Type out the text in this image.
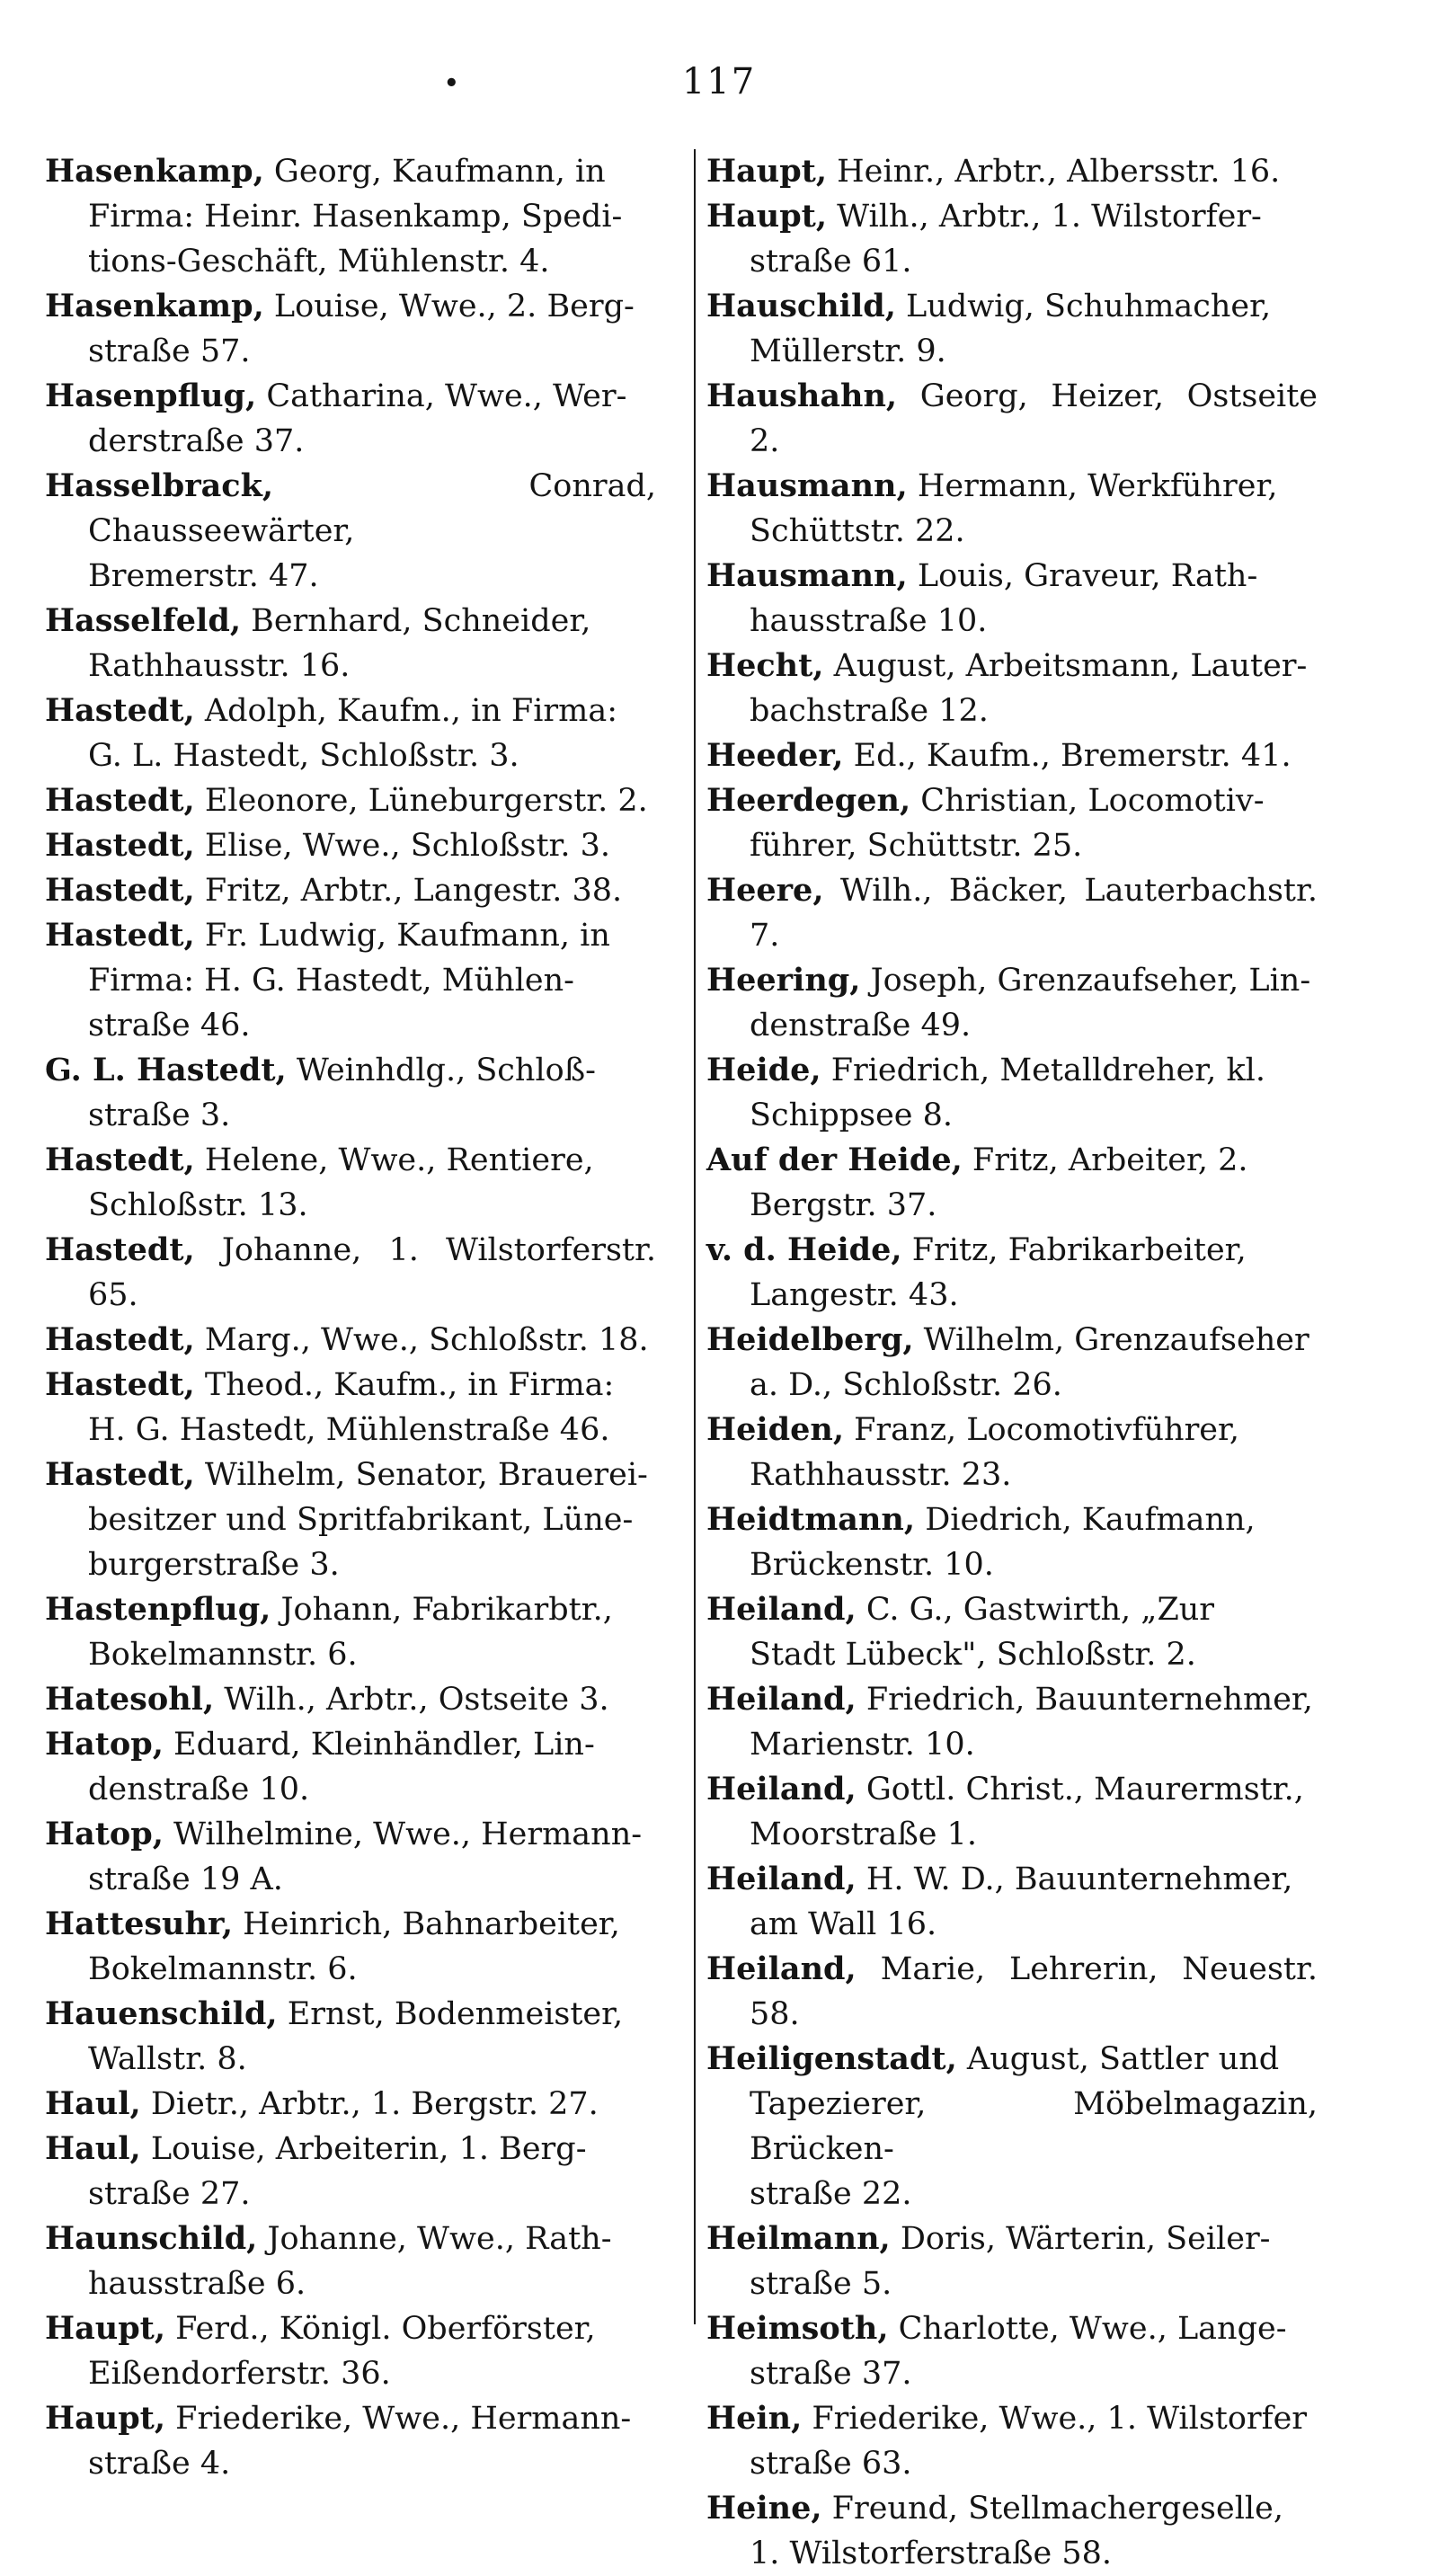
•	117
Hasenkamp, Georg, Kaufmann, in
Firma: Heinr. Hasenkamp, Spedi-
tions-Geschäft, Mühlenstr. 4.
Hasenkamp, Louise, Wwe., 2. Berg-
straße 57.
Hasenpflug, Catharina, Wwe., Wer-
derstraße 37.
Hasselbrack,	Conrad, Chausseewärter,
Bremerstr. 47.
Hasselfeld, Bernhard, Schneider,
Rathhausstr. 16.
Hastedt, Adolph, Kaufm., in Firma:
G. L. Hastedt, Schloßstr. 3.
Hastedt, Eleonore, Lüneburgerstr. 2.
Hastedt, Elise, Wwe., Schloßstr. 3.
Hastedt, Fritz, Arbtr., Langestr. 38.
Hastedt, Fr. Ludwig, Kaufmann, in
Firma: H. G. Hastedt, Mühlen-
straße 46.
G. L. Hastedt, Weinhdlg., Schloß-
straße 3.
Hastedt, Helene, Wwe., Rentiere,
Schloßstr. 13.
Hastedt, Johanne, 1. Wilstorferstr. 65.
Hastedt, Marg., Wwe., Schloßstr. 18.
Hastedt, Theod., Kaufm., in Firma:
H. G. Hastedt, Mühlenstraße 46.
Hastedt, Wilhelm, Senator, Brauerei-
besitzer und Spritfabrikant, Lüne-
burgerstraße 3.
Hastenpflug, Johann, Fabrikarbtr.,
Bokelmannstr. 6.
Hatesohl, Wilh., Arbtr., Ostseite 3.
Hatop, Eduard, Kleinhändler, Lin-
denstraße 10.
Hatop, Wilhelmine, Wwe., Hermann-
straße 19 A.
Hattesuhr, Heinrich, Bahnarbeiter,
Bokelmannstr. 6.
Hauenschild, Ernst, Bodenmeister,
Wallstr. 8.
Haul, Dietr., Arbtr., 1. Bergstr. 27.
Haul, Louise, Arbeiterin, 1. Berg-
straße 27.
Haunschild, Johanne, Wwe., Rath-
hausstraße 6.
Haupt, Ferd., Königl. Oberförster,
Eißendorferstr. 36.
Haupt, Friederike, Wwe., Hermann-
straße 4.
Haupt, Heinr., Arbtr., Albersstr. 16.
Haupt, Wilh., Arbtr., 1. Wilstorfer-
straße 61.
Hauschild, Ludwig, Schuhmacher,
Müllerstr. 9.
Haushahn, Georg, Heizer, Ostseite 2.
Hausmann, Hermann, Werkführer,
Schüttstr. 22.
Hausmann, Louis, Graveur, Rath-
hausstraße 10.
Hecht, August, Arbeitsmann, Lauter-
bachstraße 12.
Heeder, Ed., Kaufm., Bremerstr. 41.
Heerdegen, Christian, Locomotiv-
führer, Schüttstr. 25.
Heere, Wilh., Bäcker, Lauterbachstr. 7.
Heering, Joseph, Grenzaufseher, Lin-
denstraße 49.
Heide, Friedrich, Metalldreher, kl.
Schippsee 8.
Auf der Heide, Fritz, Arbeiter, 2.
Bergstr. 37.
v. d. Heide, Fritz, Fabrikarbeiter,
Langestr. 43.
Heidelberg, Wilhelm, Grenzaufseher
a. D., Schloßstr. 26.
Heiden, Franz, Locomotivführer,
Rathhausstr. 23.
Heidtmann, Diedrich, Kaufmann,
Brückenstr. 10.
Heiland, C. G., Gastwirth, „Zur
Stadt Lübeck", Schloßstr. 2.
Heiland, Friedrich, Bauunternehmer,
Marienstr. 10.
Heiland, Gottl. Christ., Maurermstr.,
Moorstraße 1.
Heiland, H. W. D., Bauunternehmer,
am Wall 16.
Heiland, Marie, Lehrerin, Neuestr. 58.
Heiligenstadt, August, Sattler und
Tapezierer, Möbelmagazin, Brücken-
straße 22.
Heilmann, Doris, Wärterin, Seiler-
straße 5.
Heimsoth, Charlotte, Wwe., Lange-
straße 37.
Hein, Friederike, Wwe., 1. Wilstorfer
straße 63.
Heine, Freund, Stellmachergeselle,
1. Wilstorferstraße 58.
